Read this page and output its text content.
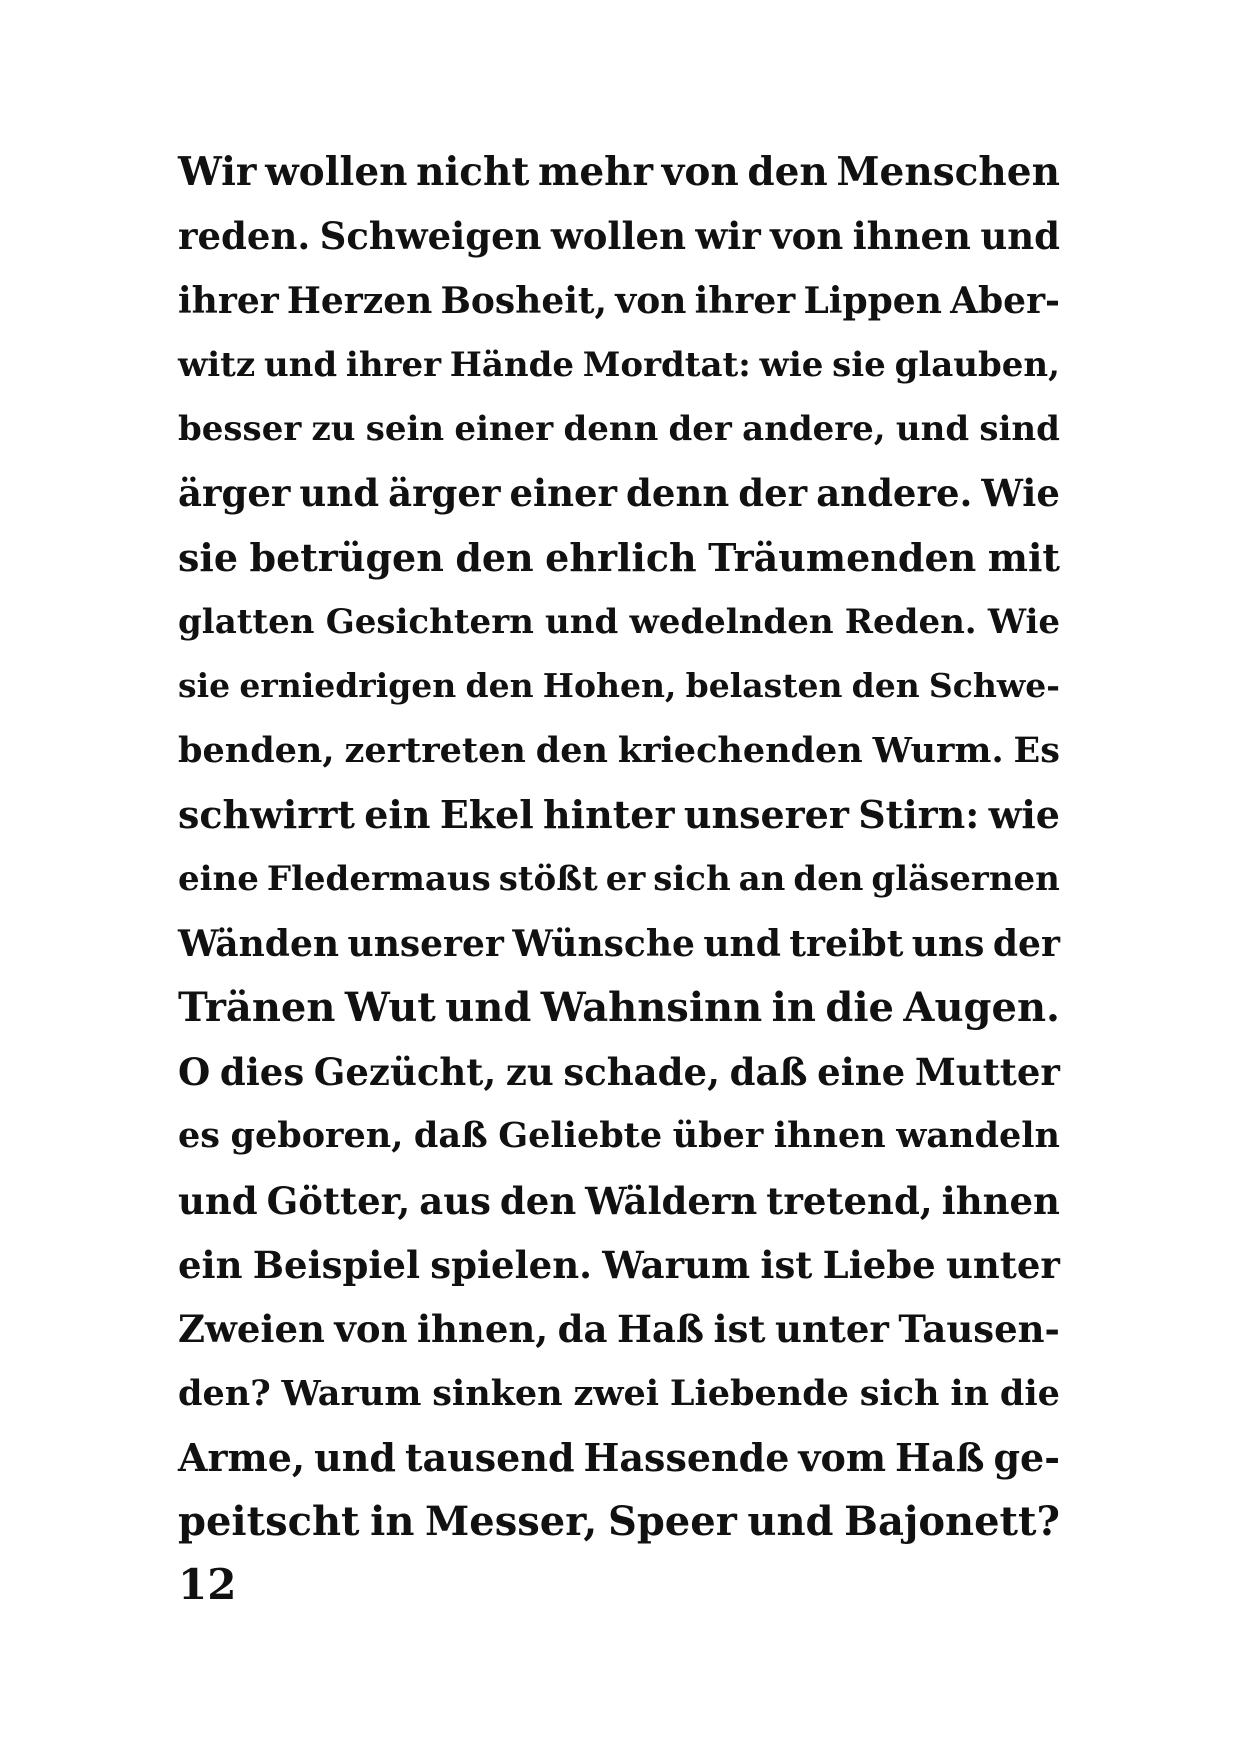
Wir wollen nicht mehr von den Menschen
reden. Schweigen wollen wir von ihnen und
ihrer Herzen Bosheit, von ihrer Lippen Aber-
witz und ihrer Hände Mordtat: wie sie glauben,
besser zu sein einer denn der andere, und sind
ärger und ärger einer denn der andere. Wie
sie betrügen den ehrlich Träumenden mit
glatten Gesichtern und wedelnden Reden. Wie
sie erniedrigen den Hohen, belasten den Schwe-
benden, zertreten den kriechenden Wurm. Es
schwirrt ein Ekel hinter unserer Stirn: wie
eine Fledermaus stößt er sich an den gläsernen
Wänden unserer Wünsche und treibt uns der
Tränen Wut und Wahnsinn in die Augen.
O dies Gezücht, zu schade, daß eine Mutter
es geboren, daß Geliebte über ihnen wandeln
und Götter, aus den Wäldern tretend, ihnen
ein Beispiel spielen. Warum ist Liebe unter
Zweien von ihnen, da Haß ist unter Tausen-
den? Warum sinken zwei Liebende sich in die
Arme, und tausend Hassende vom Haß ge-
peitscht in Messer, Speer und Bajonett?
12
